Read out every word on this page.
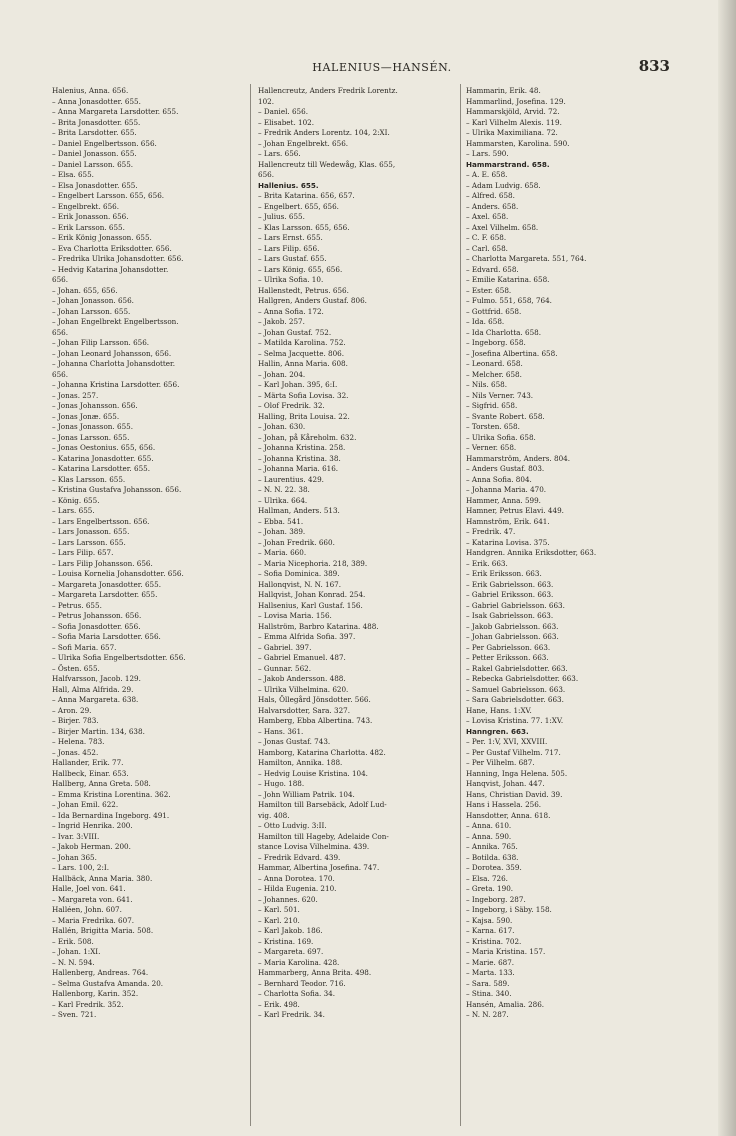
HALENIUS—HANSÉN.	833
Halenius, Anna. 656.
– Anna Jonasdotter. 655.
– Anna Margareta Larsdotter. 655.
– Brita Jonasdotter. 655.
– Brita Larsdotter. 655.
– Daniel Engelbertsson. 656.
– Daniel Jonasson. 655.
– Daniel Larsson. 655.
– Elsa. 655.
– Elsa Jonasdotter. 655.
– Engelbert Larsson. 655, 656.
– Engelbrekt. 656.
– Erik Jonasson. 656.
– Erik Larsson. 655.
– Erik König Jonasson. 655.
– Eva Charlotta Eriksdotter. 656.
– Fredrika Ulrika Johansdotter. 656.
– Hedvig Katarina Johansdotter.
656.
– Johan. 655, 656.
– Johan Jonasson. 656.
– Johan Larsson. 655.
– Johan Engelbrekt Engelbertsson.
656.
– Johan Filip Larsson. 656.
– Johan Leonard Johansson, 656.
– Johanna Charlotta Johansdotter.
656.
– Johanna Kristina Larsdotter. 656.
– Jonas. 257.
– Jonas Johansson. 656.
– Jonas Jonæ. 655.
– Jonas Jonasson. 655.
– Jonas Larsson. 655.
– Jonas Oestonius. 655, 656.
– Katarina Jonasdotter. 655.
– Katarina Larsdotter. 655.
– Klas Larsson. 655.
– Kristina Gustafva Johansson. 656.
– König. 655.
– Lars. 655.
– Lars Engelbertsson. 656.
– Lars Jonasson. 655.
– Lars Larsson. 655.
– Lars Filip. 657.
– Lars Filip Johansson. 656.
– Louisa Kornelia Johansdotter. 656.
– Margareta Jonasdotter. 655.
– Margareta Larsdotter. 655.
– Petrus. 655.
– Petrus Johansson. 656.
– Sofia Jonasdotter. 656.
– Sofia Maria Larsdotter. 656.
– Sofi Maria. 657.
– Ulrika Sofia Engelbertsdotter. 656.
– Östen. 655.
Halfvarsson, Jacob. 129.
Hall, Alma Alfrida. 29.
– Anna Margareta. 638.
– Aron. 29.
– Birjer. 783.
– Birjer Martin. 134, 638.
– Helena. 783.
– Jonas. 452.
Hallander, Erik. 77.
Hallbeck, Einar. 653.
Hallberg, Anna Greta. 508.
– Emma Kristina Lorentina. 362.
– Johan Emil. 622.
– Ida Bernardina Ingeborg. 491.
– Ingrid Henrika. 200.
– Ivar. 3:VIII.
– Jakob Herman. 200.
– Johan 365.
– Lars. 100, 2:I.
Hallbäck, Anna Maria. 380.
Halle, Joel von. 641.
– Margareta von. 641.
Halléen, John. 607.
– Maria Fredrika. 607.
Hallén, Brigitta Maria. 508.
– Erik. 508.
– Johan. 1:XI.
– N. N. 594.
Hallenberg, Andreas. 764.
– Selma Gustafva Amanda. 20.
Hallenborg, Karin. 352.
– Karl Fredrik. 352.
– Sven. 721.
Hallencreutz, Anders Fredrik Lorentz.
102.
– Daniel. 656.
– Elisabet. 102.
– Fredrik Anders Lorentz. 104, 2:XI.
– Johan Engelbrekt. 656.
– Lars. 656.
Hallencreutz till Wedewåg, Klas. 655,
656.
Hallenius. 655.
– Brita Katarina. 656, 657.
– Engelbert. 655, 656.
– Julius. 655.
– Klas Larsson. 655, 656.
– Lars Ernst. 655.
– Lars Filip. 656.
– Lars Gustaf. 655.
– Lars König. 655, 656.
– Ulrika Sofia. 10.
Hallenstedt, Petrus. 656.
Hallgren, Anders Gustaf. 806.
– Anna Sofia. 172.
– Jakob. 257.
– Johan Gustaf. 752.
– Matilda Karolina. 752.
– Selma Jacquette. 806.
Hallin, Anna Maria. 608.
– Johan. 204.
– Karl Johan. 395, 6:I.
– Märta Sofia Lovisa. 32.
– Olof Fredrik. 32.
Halling, Brita Louisa. 22.
– Johan. 630.
– Johan, på Kåreholm. 632.
– Johanna Kristina. 258.
– Johanna Kristina. 38.
– Johanna Maria. 616.
– Laurentius. 429.
– N. N. 22. 38.
– Ulrika. 664.
Hallman, Anders. 513.
– Ebba. 541.
– Johan. 389.
– Johan Fredrik. 660.
– Maria. 660.
– Maria Nicephoria. 218, 389.
– Sofia Dominica. 389.
Hallonqvist, N. N. 167.
Hallqvist, Johan Konrad. 254.
Hallsenius, Karl Gustaf. 156.
– Lovisa Maria. 156.
Hallström, Barbro Katarina. 488.
– Emma Alfrida Sofia. 397.
– Gabriel. 397.
– Gabriel Emanuel. 487.
– Gunnar. 562.
– Jakob Andersson. 488.
– Ulrika Vilhelmina. 620.
Hals, Öllegård Jönsdotter. 566.
Halvarsdotter, Sara. 327.
Hamberg, Ebba Albertina. 743.
– Hans. 361.
– Jonas Gustaf. 743.
Hamborg, Katarina Charlotta. 482.
Hamilton, Annika. 188.
– Hedvig Louise Kristina. 104.
– Hugo. 188.
– John William Patrik. 104.
Hamilton till Barsebäck, Adolf Lud-
vig. 408.
– Otto Ludvig. 3:II.
Hamilton till Hageby, Adelaide Con-
stance Lovisa Vilhelmina. 439.
– Fredrik Edvard. 439.
Hammar, Albertina Josefina. 747.
– Anna Dorotea. 170.
– Hilda Eugenia. 210.
– Johannes. 620.
– Karl. 501.
– Karl. 210.
– Karl Jakob. 186.
– Kristina. 169.
– Margareta. 697.
– Maria Karolina. 428.
Hammarberg, Anna Brita. 498.
– Bernhard Teodor. 716.
– Charlotta Sofia. 34.
– Erik. 498.
– Karl Fredrik. 34.
Hammarin, Erik. 48.
Hammarlind, Josefina. 129.
Hammarskjöld, Arvid. 72.
– Karl Vilhelm Alexis. 119.
– Ulrika Maximiliana. 72.
Hammarsten, Karolina. 590.
– Lars. 590.
Hammarstrand. 658.
– A. E. 658.
– Adam Ludvig. 658.
– Alfred. 658.
– Anders. 658.
– Axel. 658.
– Axel Vilhelm. 658.
– C. F. 658.
– Carl. 658.
– Charlotta Margareta. 551, 764.
– Edvard. 658.
– Emilie Katarina. 658.
– Ester. 658.
– Fulmo. 551, 658, 764.
– Gottfrid. 658.
– Ida. 658.
– Ida Charlotta. 658.
– Ingeborg. 658.
– Josefina Albertina. 658.
– Leonard. 658.
– Melcher. 658.
– Nils. 658.
– Nils Verner. 743.
– Sigfrid. 658.
– Svante Robert. 658.
– Torsten. 658.
– Ulrika Sofia. 658.
– Verner. 658.
Hammarström, Anders. 804.
– Anders Gustaf. 803.
– Anna Sofia. 804.
– Johanna Maria. 470.
Hammer, Anna. 599.
Hamner, Petrus Elavi. 449.
Hamnström, Erik. 641.
– Fredrik. 47.
– Katarina Lovisa. 375.
Handgren. Annika Eriksdotter, 663.
– Erik. 663.
– Erik Eriksson. 663.
– Erik Gabrielsson. 663.
– Gabriel Eriksson. 663.
– Gabriel Gabrielsson. 663.
– Isak Gabrielsson. 663.
– Jakob Gabrielsson. 663.
– Johan Gabrielsson. 663.
– Per Gabrielsson. 663.
– Petter Eriksson. 663.
– Rakel Gabrielsdotter. 663.
– Rebecka Gabrielsdotter. 663.
– Samuel Gabrielsson. 663.
– Sara Gabrielsdotter. 663.
Hane, Hans. 1:XV.
– Lovisa Kristina. 77. 1:XV.
Hanngren. 663.
– Per. 1:V, XVI, XXVIII.
– Per Gustaf Vilhelm. 717.
– Per Vilhelm. 687.
Hanning, Inga Helena. 505.
Hanqvist, Johan. 447.
Hans, Christian David. 39.
Hans i Hassela. 256.
Hansdotter, Anna. 618.
– Anna. 610.
– Anna. 590.
– Annika. 765.
– Botilda. 638.
– Dorotea. 359.
– Elsa. 726.
– Greta. 190.
– Ingeborg. 287.
– Ingeborg, i Säby. 158.
– Kajsa. 590.
– Karna. 617.
– Kristina. 702.
– Maria Kristina. 157.
– Marie. 687.
– Marta. 133.
– Sara. 589.
– Stina. 340.
Hansén, Amalia. 286.
– N. N. 287.
